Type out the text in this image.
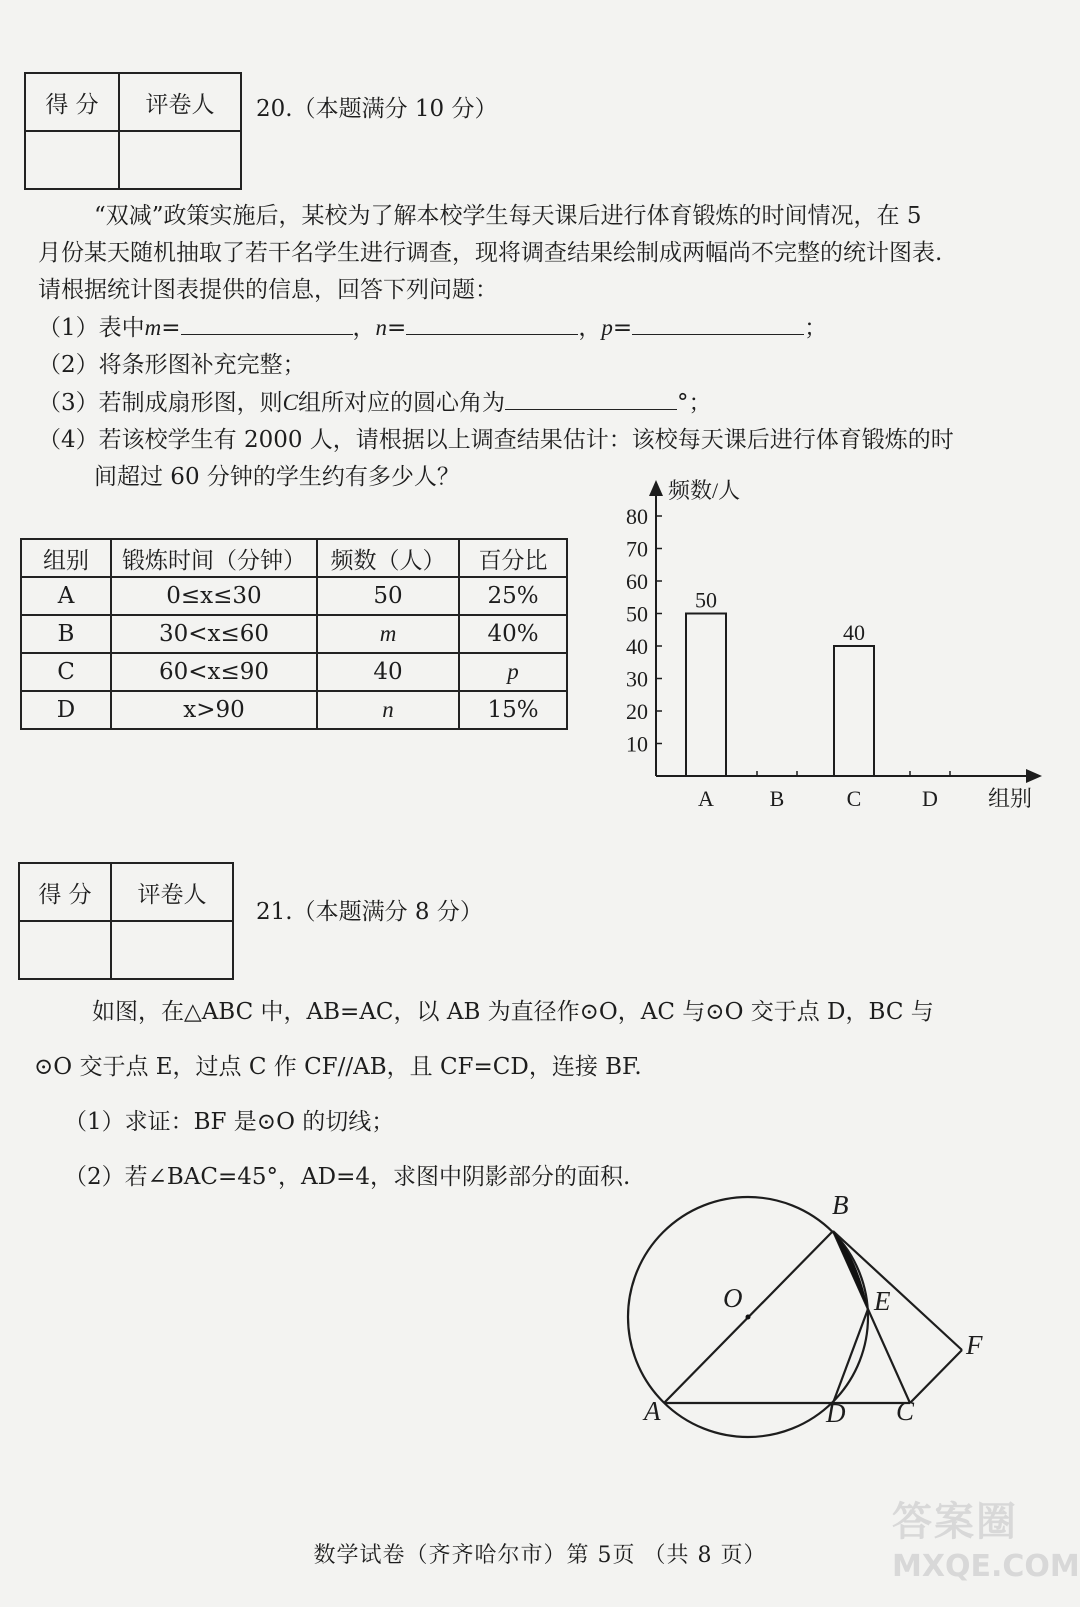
得 分	评卷人
	20.（本题满分 10 分）
“双减”政策实施后，某校为了解本校学生每天课后进行体育锻炼的时间情况，在 5
月份某天随机抽取了若干名学生进行调查，现将调查结果绘制成两幅尚不完整的统计图表.
请根据统计图表提供的信息，回答下列问题：
（1）表中m=	，n=	，p=	；
（2）将条形图补充完整；
（3）若制成扇形图，则C组所对应的圆心角为	°；
（4）若该校学生有 2000 人，请根据以上调查结果估计：该校每天课后进行体育锻炼的时
间超过 60 分钟的学生约有多少人？
组别	锻炼时间（分钟）	频数（人）	百分比
A	0≤x≤30	50	25%
B	30<x≤60	m	40%
C	60<x≤90	40	p
D	x>90	n	15%
频数/人
组别
10
20
30
40
50
60
70
80
A
50
B	C
40
D
得 分	评卷人

21.（本题满分 8 分）
如图，在△ABC 中，AB=AC，以 AB 为直径作⊙O，AC 与⊙O 交于点 D，BC 与
⊙O 交于点 E，过点 C 作 CF//AB，且 CF=CD，连接 BF.
（1）求证：BF 是⊙O 的切线；
（2）若∠BAC=45°，AD=4，求图中阴影部分的面积.
B
O	E
F
A	D C
数学试卷（齐齐哈尔市）第 5页 （共 8 页）
答案圈
MXQE.COM
